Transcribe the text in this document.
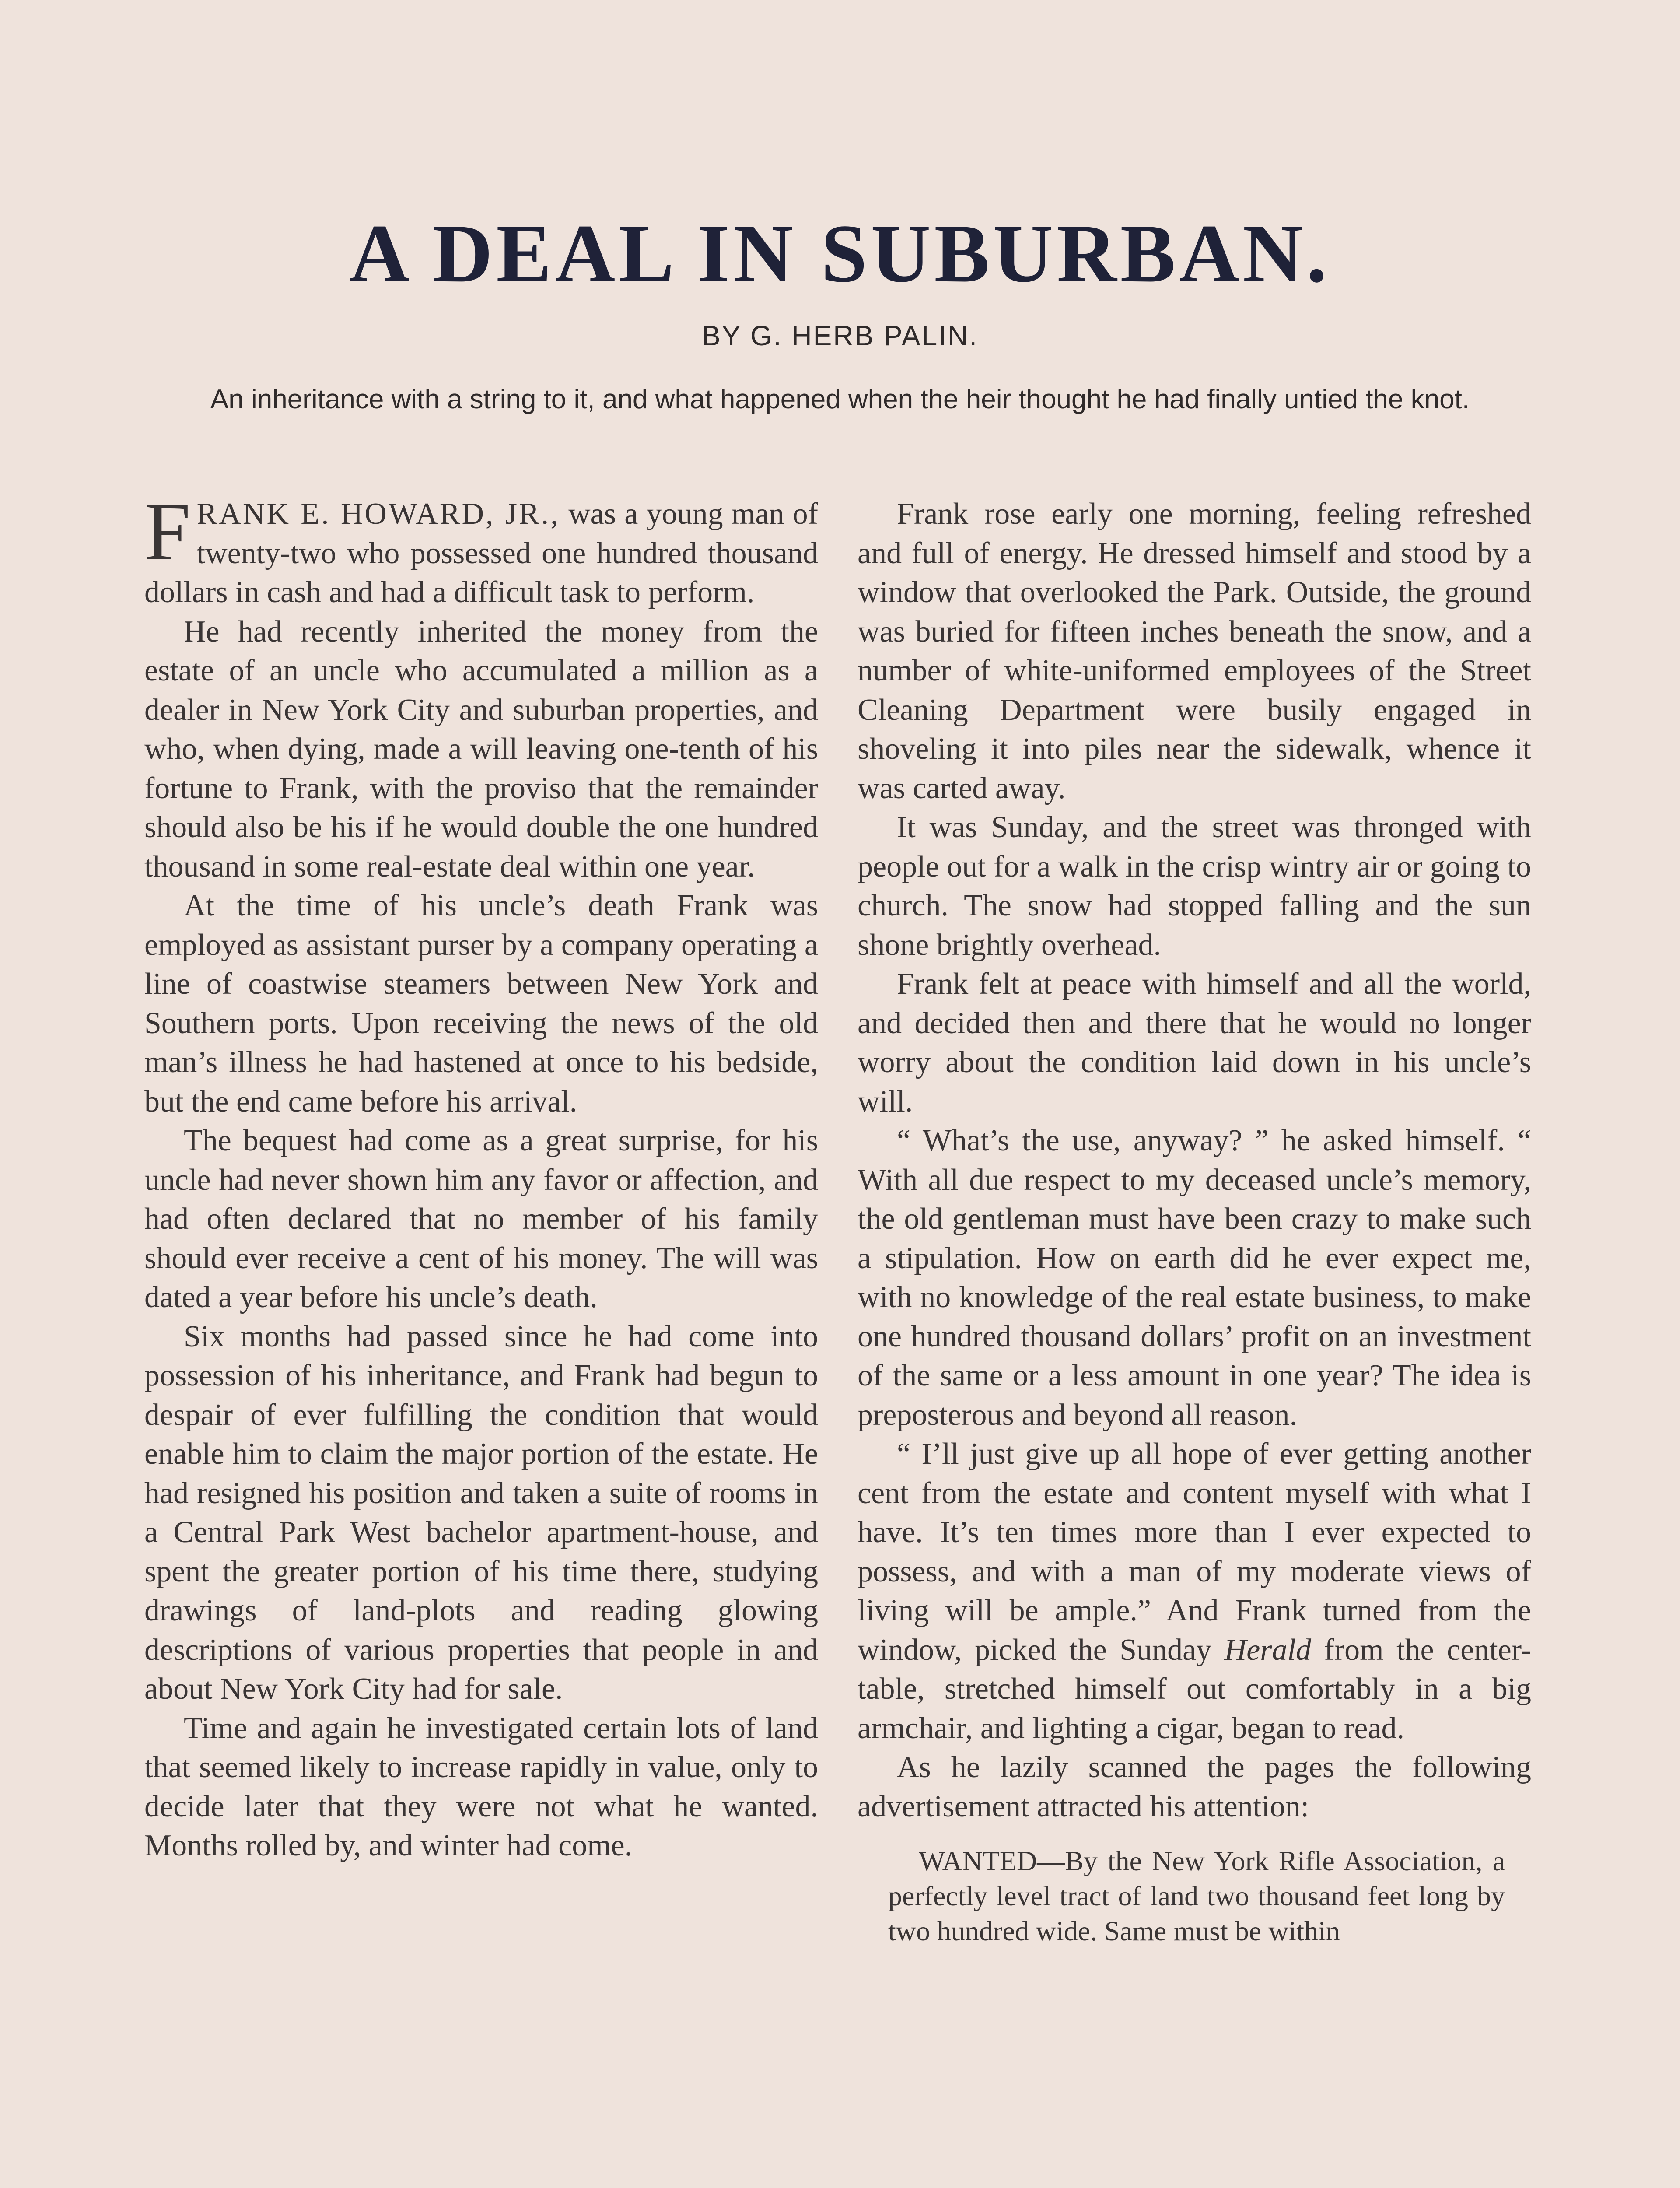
A DEAL IN SUBURBAN.
BY G. HERB PALIN.
An inheritance with a string to it, and what happened when the heir thought he had finally untied the knot.

FRANK E. HOWARD, JR., was a young man of twenty-two who possessed one hundred thousand dollars in cash and had a difficult task to perform.

He had recently inherited the money from the estate of an uncle who accumulated a million as a dealer in New York City and suburban properties, and who, when dying, made a will leaving one-tenth of his fortune to Frank, with the proviso that the remainder should also be his if he would double the one hundred thousand in some real-estate deal within one year.

At the time of his uncle’s death Frank was employed as assistant purser by a company operating a line of coastwise steamers between New York and Southern ports. Upon receiving the news of the old man’s illness he had hastened at once to his bedside, but the end came before his arrival.

The bequest had come as a great surprise, for his uncle had never shown him any favor or affection, and had often declared that no member of his family should ever receive a cent of his money. The will was dated a year before his uncle’s death.

Six months had passed since he had come into possession of his inheritance, and Frank had begun to despair of ever fulfilling the condition that would enable him to claim the major portion of the estate. He had resigned his position and taken a suite of rooms in a Central Park West bachelor apartment-house, and spent the greater portion of his time there, studying drawings of land-plots and reading glowing descriptions of various properties that people in and about New York City had for sale.

Time and again he investigated certain lots of land that seemed likely to increase rapidly in value, only to decide later that they were not what he wanted. Months rolled by, and winter had come.

Frank rose early one morning, feeling refreshed and full of energy. He dressed himself and stood by a window that overlooked the Park. Outside, the ground was buried for fifteen inches beneath the snow, and a number of white-uniformed employees of the Street Cleaning Department were busily engaged in shoveling it into piles near the sidewalk, whence it was carted away.

It was Sunday, and the street was thronged with people out for a walk in the crisp wintry air or going to church. The snow had stopped falling and the sun shone brightly overhead.

Frank felt at peace with himself and all the world, and decided then and there that he would no longer worry about the condition laid down in his uncle’s will.

“ What’s the use, anyway? ” he asked himself. “ With all due respect to my deceased uncle’s memory, the old gentleman must have been crazy to make such a stipulation. How on earth did he ever expect me, with no knowledge of the real estate business, to make one hundred thousand dollars’ profit on an investment of the same or a less amount in one year? The idea is preposterous and beyond all reason.

“ I’ll just give up all hope of ever getting another cent from the estate and content myself with what I have. It’s ten times more than I ever expected to possess, and with a man of my moderate views of living will be ample.” And Frank turned from the window, picked the Sunday Herald from the center-table, stretched himself out comfortably in a big armchair, and lighting a cigar, began to read.

As he lazily scanned the pages the following advertisement attracted his attention:

WANTED—By the New York Rifle Association, a perfectly level tract of land two thousand feet long by two hundred wide. Same must be within
